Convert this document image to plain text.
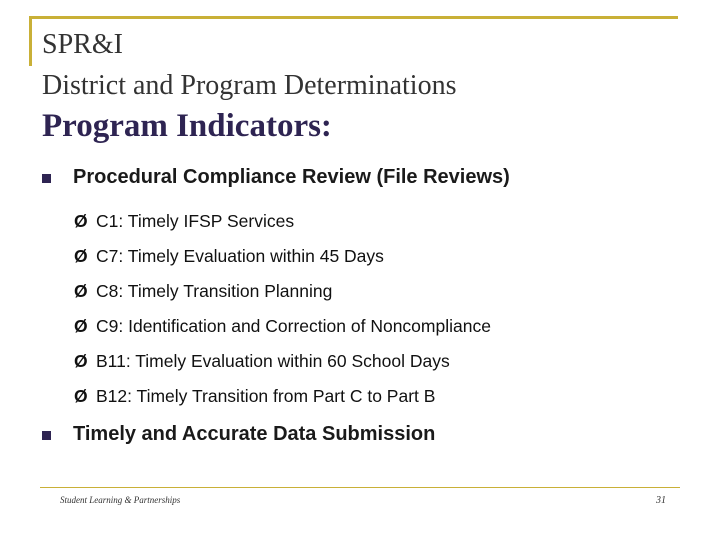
SPR&I
District and Program Determinations
Program Indicators:
Procedural Compliance Review (File Reviews)
Ø C1: Timely IFSP Services
Ø C7: Timely Evaluation within 45 Days
Ø C8: Timely Transition Planning
Ø C9: Identification and Correction of Noncompliance
Ø B11: Timely Evaluation within 60 School Days
Ø B12: Timely Transition from Part C to Part B
Timely and Accurate Data Submission
Student Learning & Partnerships	31
